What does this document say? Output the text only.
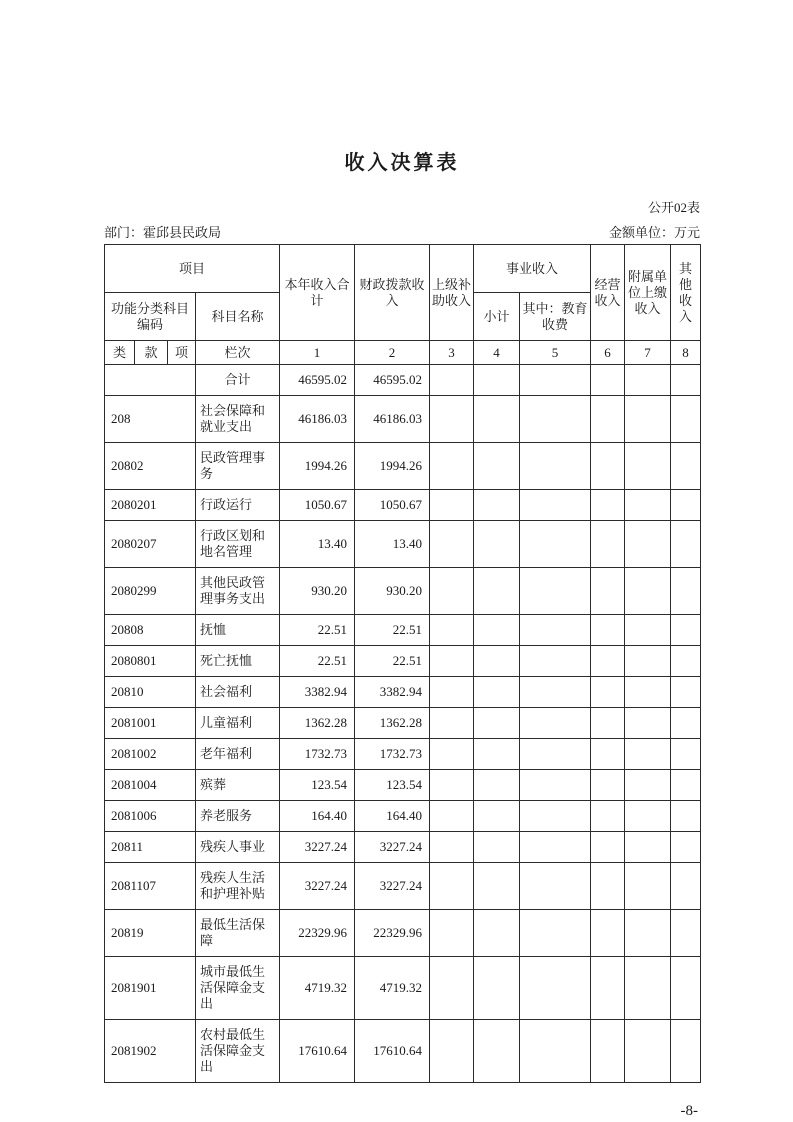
收入决算表
公开02表
部门：霍邱县民政局	金额单位：万元
项目				本年收入合计	财政拨款收入	上级补助收入	事业收入		经营收入	附属单位上缴收入	其他收入
功能分类科目编码			科目名称				小计	其中：教育收费			
类	款	项	栏次	1	2	3	4	5	6	7	8
			合计	46595.02	46595.02						
208			社会保障和就业支出	46186.03	46186.03						
20802			民政管理事务	1994.26	1994.26						
2080201			行政运行	1050.67	1050.67						
2080207			行政区划和地名管理	13.40	13.40						
2080299			其他民政管理事务支出	930.20	930.20						
20808			抚恤	22.51	22.51						
2080801			死亡抚恤	22.51	22.51						
20810			社会福利	3382.94	3382.94						
2081001			儿童福利	1362.28	1362.28						
2081002			老年福利	1732.73	1732.73						
2081004			殡葬	123.54	123.54						
2081006			养老服务	164.40	164.40						
20811			残疾人事业	3227.24	3227.24						
2081107			残疾人生活和护理补贴	3227.24	3227.24						
20819			最低生活保障	22329.96	22329.96						
2081901			城市最低生活保障金支出	4719.32	4719.32						
2081902			农村最低生活保障金支出	17610.64	17610.64						
-8-
